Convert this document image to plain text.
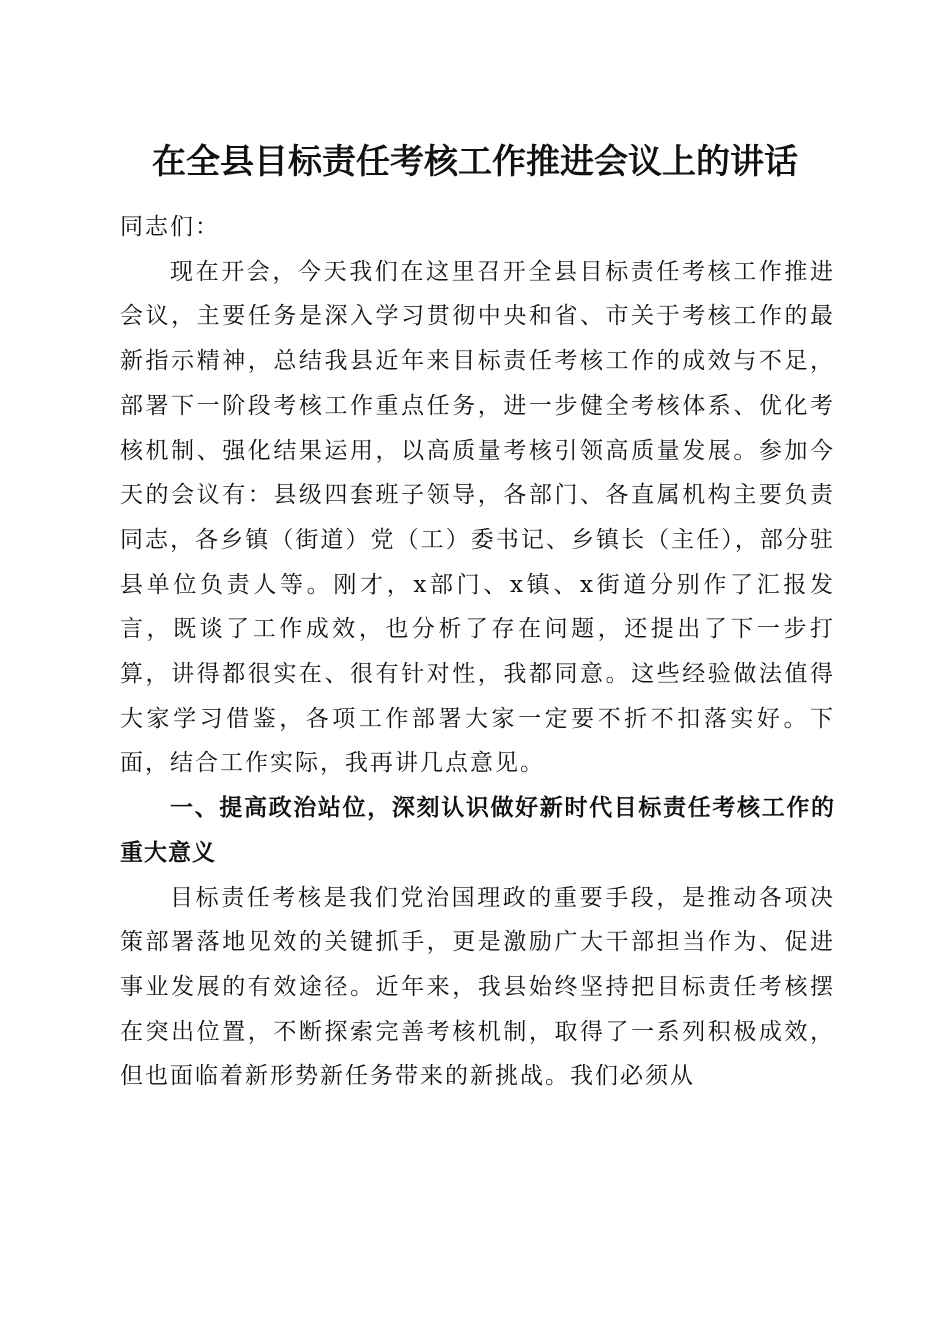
在全县目标责任考核工作推进会议上的讲话

同志们：

现在开会，今天我们在这里召开全县目标责任考核工作推进会议，主要任务是深入学习贯彻中央和省、市关于考核工作的最新指示精神，总结我县近年来目标责任考核工作的成效与不足，部署下一阶段考核工作重点任务，进一步健全考核体系、优化考核机制、强化结果运用，以高质量考核引领高质量发展。参加今天的会议有：县级四套班子领导，各部门、各直属机构主要负责同志，各乡镇（街道）党（工）委书记、乡镇长（主任），部分驻县单位负责人等。刚才，x部门、x镇、x街道分别作了汇报发言，既谈了工作成效，也分析了存在问题，还提出了下一步打算，讲得都很实在、很有针对性，我都同意。这些经验做法值得大家学习借鉴，各项工作部署大家一定要不折不扣落实好。下面，结合工作实际，我再讲几点意见。

一、提高政治站位，深刻认识做好新时代目标责任考核工作的重大意义

目标责任考核是我们党治国理政的重要手段，是推动各项决策部署落地见效的关键抓手，更是激励广大干部担当作为、促进事业发展的有效途径。近年来，我县始终坚持把目标责任考核摆在突出位置，不断探索完善考核机制，取得了一系列积极成效，但也面临着新形势新任务带来的新挑战。我们必须从
